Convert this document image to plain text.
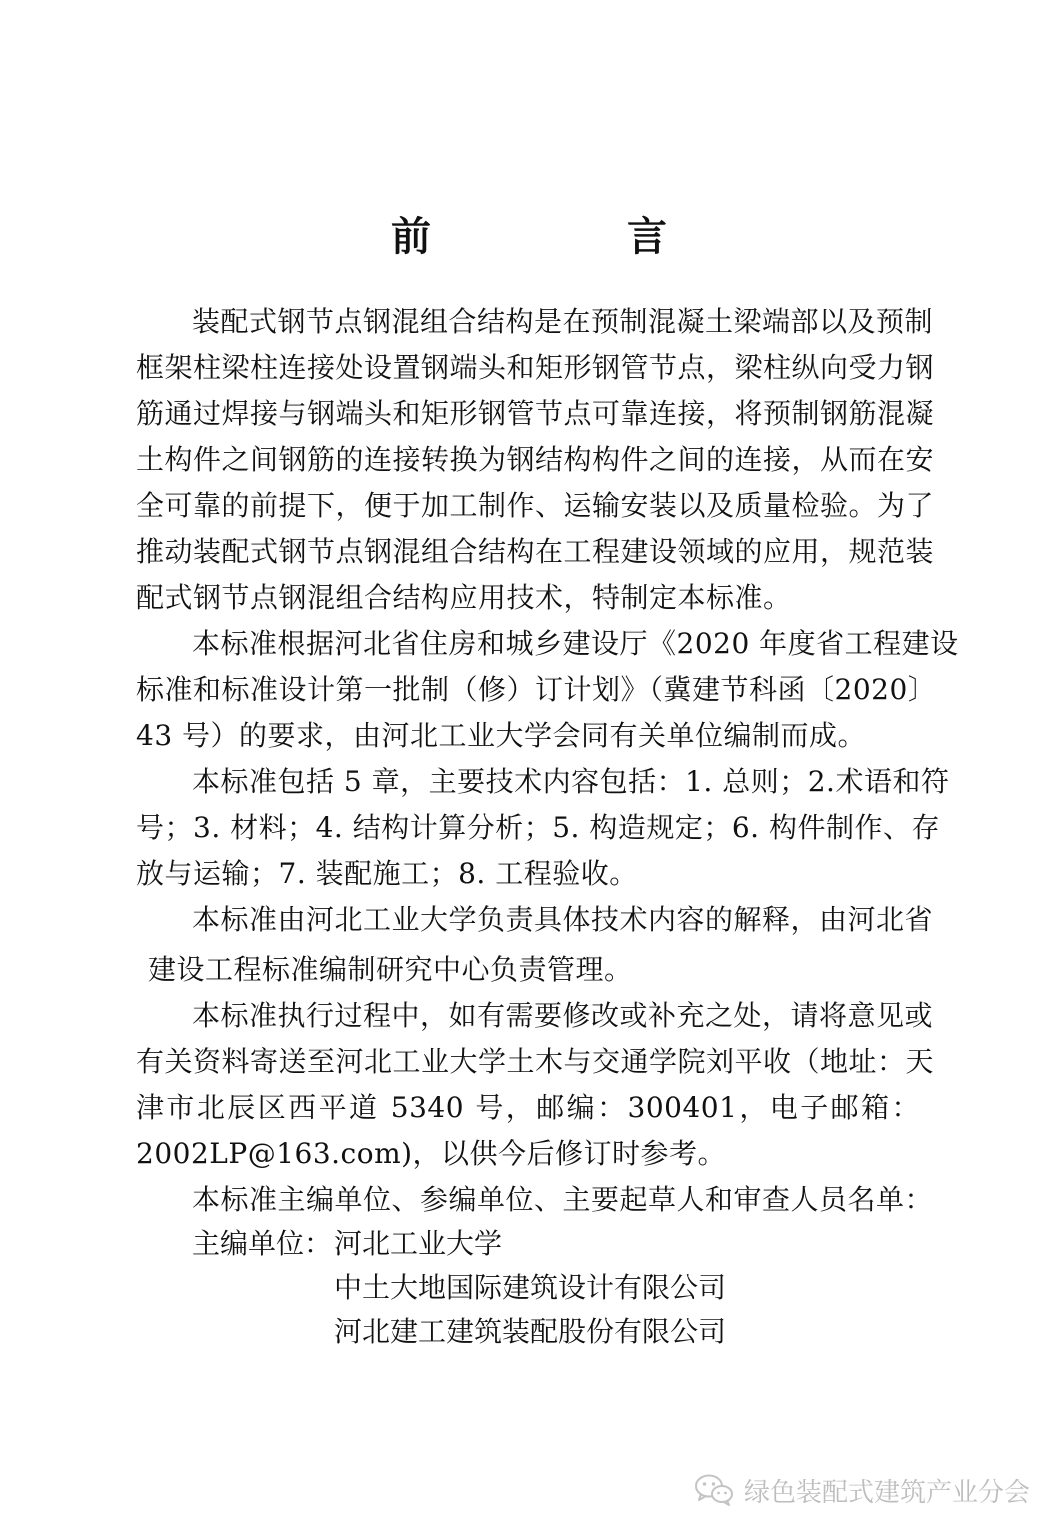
前　言
装配式钢节点钢混组合结构是在预制混凝土梁端部以及预制
框架柱梁柱连接处设置钢端头和矩形钢管节点，梁柱纵向受力钢
筋通过焊接与钢端头和矩形钢管节点可靠连接，将预制钢筋混凝
土构件之间钢筋的连接转换为钢结构构件之间的连接，从而在安
全可靠的前提下，便于加工制作、运输安装以及质量检验。为了
推动装配式钢节点钢混组合结构在工程建设领域的应用，规范装
配式钢节点钢混组合结构应用技术，特制定本标准。
本标准根据河北省住房和城乡建设厅《2020 年度省工程建设
标准和标准设计第一批制（修）订计划》（冀建节科函〔2020〕
43 号）的要求，由河北工业大学会同有关单位编制而成。
本标准包括 5 章，主要技术内容包括：1. 总则；2.术语和符
号；3. 材料；4. 结构计算分析；5. 构造规定；6. 构件制作、存
放与运输；7. 装配施工；8. 工程验收。
本标准由河北工业大学负责具体技术内容的解释，由河北省
建设工程标准编制研究中心负责管理。
本标准执行过程中，如有需要修改或补充之处，请将意见或
有关资料寄送至河北工业大学土木与交通学院刘平收（地址：天
津市北辰区西平道 5340 号，邮编：300401，电子邮箱：
2002LP@163.com)，以供今后修订时参考。
本标准主编单位、参编单位、主要起草人和审查人员名单：
主编单位： 河北工业大学
中土大地国际建筑设计有限公司
河北建工建筑装配股份有限公司
绿色装配式建筑产业分会
